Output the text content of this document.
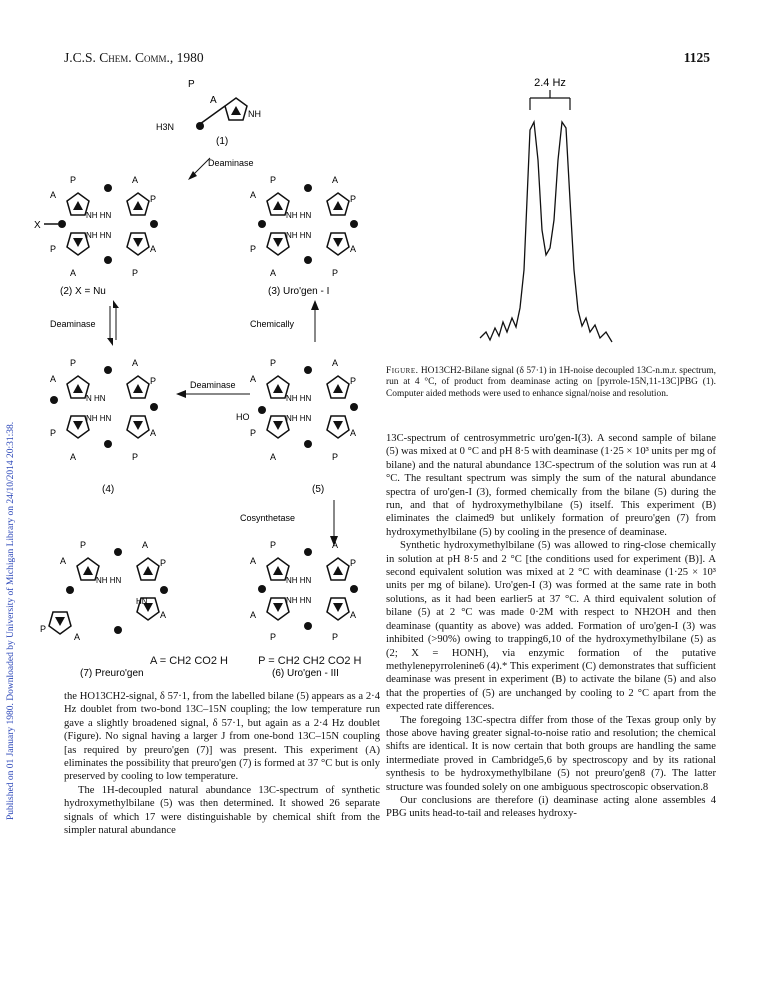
J.C.S. Chem. Comm., 1980	1125
Published on 01 January 1980. Downloaded by University of Michigan Library on 24/10/2014 20:31:38.
P
A
NH
H3N
(1)
Deaminase
X
A
P	A
P
P
A	P
A
NH HN
NH HN
(2) X = Nu
A
P	A
P
P
A	P
A
NH HN
NH HN
(3) Uro'gen - I
Deaminase	Chemically
A
P	A
P
P
A	P
A
N HN
NH HN
(4)
Deaminase
HO
A
P	A
P
P
A	P
A
NH HN
NH HN
(5)
Cosynthetase
A
P	A
P
P
A
A
NH HN
HN
(7) Preuro'gen
A
P	A
P
A
P	P
A
NH HN
NH HN
(6) Uro'gen - III
A = CH2 CO2 H	P = CH2 CH2 CO2 H
2.4 Hz
Figure. HO13CH2-Bilane signal (δ 57·1) in 1H-noise decoupled 13C-n.m.r. spectrum, run at 4 °C, of product from deaminase acting on [pyrrole-15N,11-13C]PBG (1). Computer aided methods were used to enhance signal/noise and resolution.

the HO13CH2-signal, δ 57·1, from the labelled bilane (5) appears as a 2·4 Hz doublet from two-bond 13C–15N coupling; the low temperature run gave a slightly broadened signal, δ 57·1, but again as a 2·4 Hz doublet (Figure). No signal having a larger J from one-bond 13C–15N coupling [as required by preuro'gen (7)] was present. This experiment (A) eliminates the possibility that preuro'gen (7) is formed at 37 °C but is only preserved by cooling to low temperature.

The 1H-decoupled natural abundance 13C-spectrum of synthetic hydroxymethylbilane (5) was then determined. It showed 26 separate signals of which 17 were distinguishable by chemical shift from the simpler natural abundance

13C-spectrum of centrosymmetric uro'gen-I(3). A second sample of bilane (5) was mixed at 0 °C and pH 8·5 with deaminase (1·25 × 10³ units per mg of bilane) and the natural abundance 13C-spectrum of the solution was run at 4 °C. The resultant spectrum was simply the sum of the natural abundance spectra of uro'gen-I (3), formed chemically from the bilane (5) during the run, and that of hydroxymethylbilane (5) itself. This experiment (B) eliminates the claimed9 but unlikely formation of preuro'gen (7) from hydroxymethylbilane (5) by cooling in the presence of deaminase.

Synthetic hydroxymethylbilane (5) was allowed to ring-close chemically in solution at pH 8·5 and 2 °C [the conditions used for experiment (B)]. A second equivalent solution was mixed at 2 °C with deaminase (1·25 × 10³ units per mg of bilane). Uro'gen-I (3) was formed at the same rate in both solutions, as it had been earlier5 at 37 °C. A third equivalent solution of bilane (5) at 2 °C was made 0·2M with respect to NH2OH and then deaminase (quantity as above) was added. Formation of uro'gen-I (3) was inhibited (>90%) owing to trapping6,10 of the hydroxymethylbilane (5) as (2; X = HONH), via enzymic formation of the putative methylenepyrrolenine6 (4).* This experiment (C) demonstrates that sufficient deaminase was present in experiment (B) to activate the bilane (5) and also that the properties of (5) are unchanged by cooling to 2 °C apart from the expected rate differences.

The foregoing 13C-spectra differ from those of the Texas group only by those above having greater signal-to-noise ratio and resolution; the chemical shifts are identical. It is now certain that both groups are handling the same intermediate proved in Cambridge5,6 by spectroscopy and by its rational synthesis to be hydroxymethylbilane (5) not preuro'gen8 (7). The latter structure was founded solely on one ambiguous spectroscopic observation.8

Our conclusions are therefore (i) deaminase acting alone assembles 4 PBG units head-to-tail and releases hydroxy-
